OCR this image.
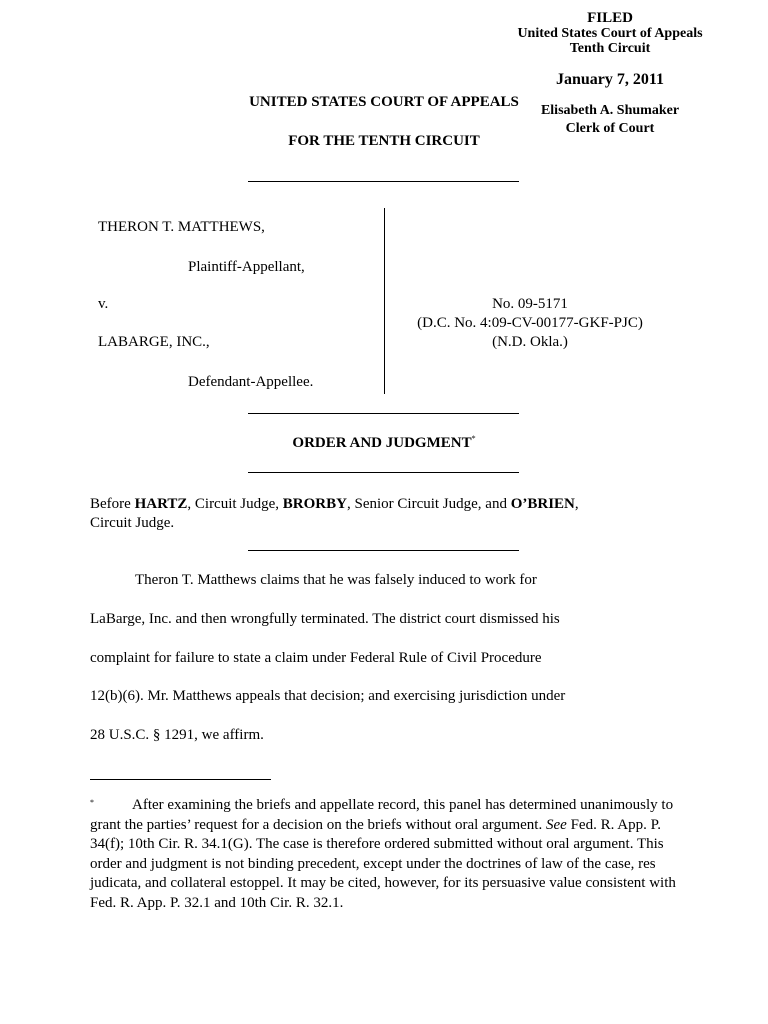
FILED
United States Court of Appeals
Tenth Circuit
January 7, 2011
Elisabeth A. Shumaker
Clerk of Court
UNITED STATES COURT OF APPEALS
FOR THE TENTH CIRCUIT
THERON T. MATTHEWS,
Plaintiff-Appellant,
v.
LABARGE, INC.,
Defendant-Appellee.
No. 09-5171
(D.C. No. 4:09-CV-00177-GKF-PJC)
(N.D. Okla.)
ORDER AND JUDGMENT*
Before HARTZ, Circuit Judge, BRORBY, Senior Circuit Judge, and O’BRIEN,
Circuit Judge.
Theron T. Matthews claims that he was falsely induced to work for
LaBarge, Inc. and then wrongfully terminated. The district court dismissed his
complaint for failure to state a claim under Federal Rule of Civil Procedure
12(b)(6). Mr. Matthews appeals that decision; and exercising jurisdiction under
28 U.S.C. § 1291, we affirm.
*	After examining the briefs and appellate record, this panel has determined unanimously to grant the parties’ request for a decision on the briefs without oral argument. See Fed. R. App. P. 34(f); 10th Cir. R. 34.1(G). The case is therefore ordered submitted without oral argument. This order and judgment is not binding precedent, except under the doctrines of law of the case, res judicata, and collateral estoppel. It may be cited, however, for its persuasive value consistent with Fed. R. App. P. 32.1 and 10th Cir. R. 32.1.
